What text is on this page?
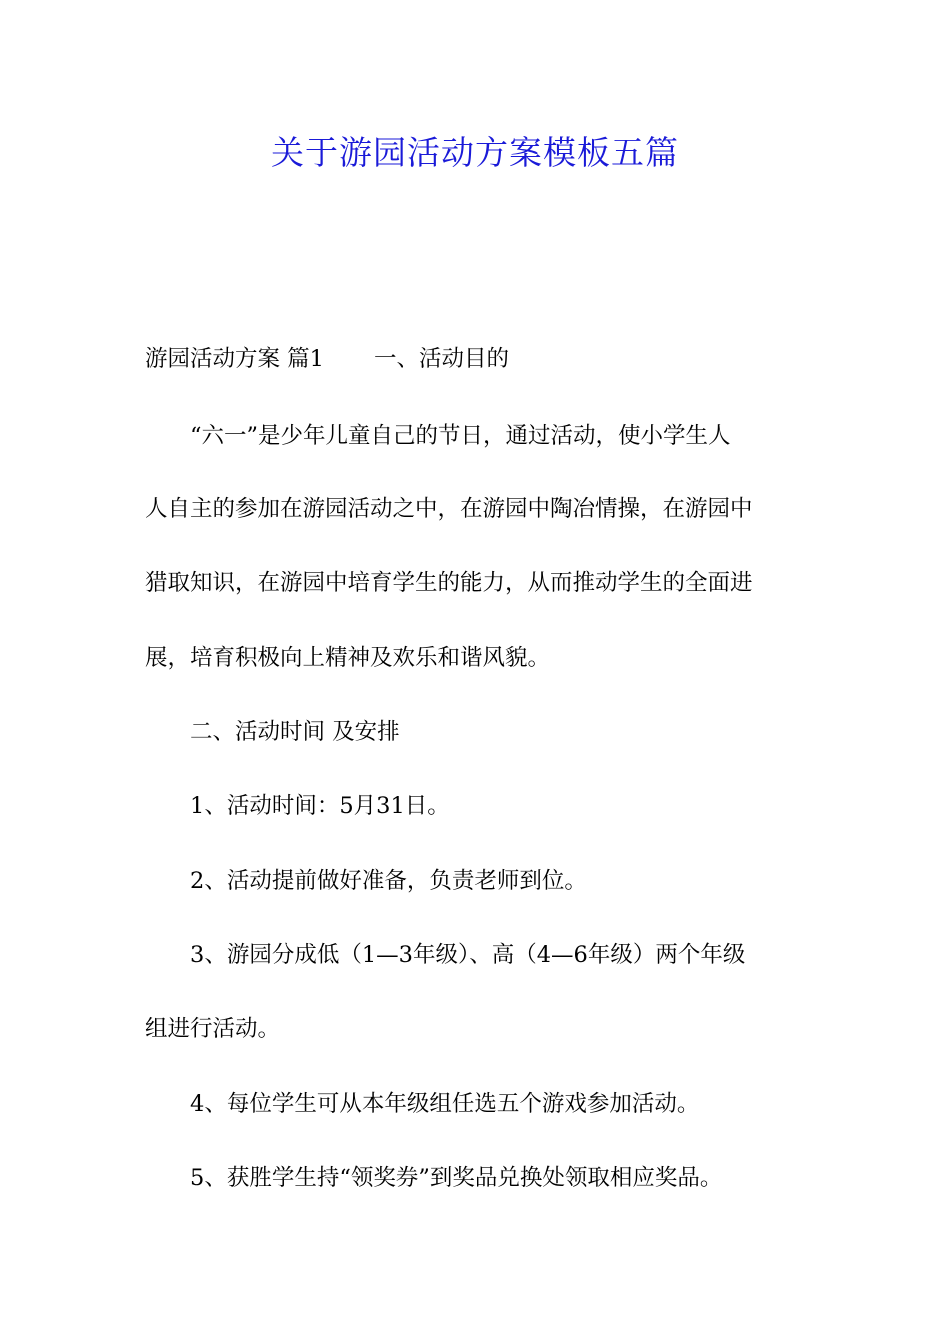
关于游园活动方案模板五篇
游园活动方案 篇1 一、活动目的
“六一”是少年儿童自己的节日，通过活动，使小学生人
人自主的参加在游园活动之中，在游园中陶冶情操，在游园中
猎取知识，在游园中培育学生的能力，从而推动学生的全面进
展，培育积极向上精神及欢乐和谐风貌。
二、活动时间 及安排
1、活动时间：5月31日。
2、活动提前做好准备，负责老师到位。
3、游园分成低（1—3年级）、高（4—6年级）两个年级
组进行活动。
4、每位学生可从本年级组任选五个游戏参加活动。
5、获胜学生持“领奖券”到奖品兑换处领取相应奖品。
